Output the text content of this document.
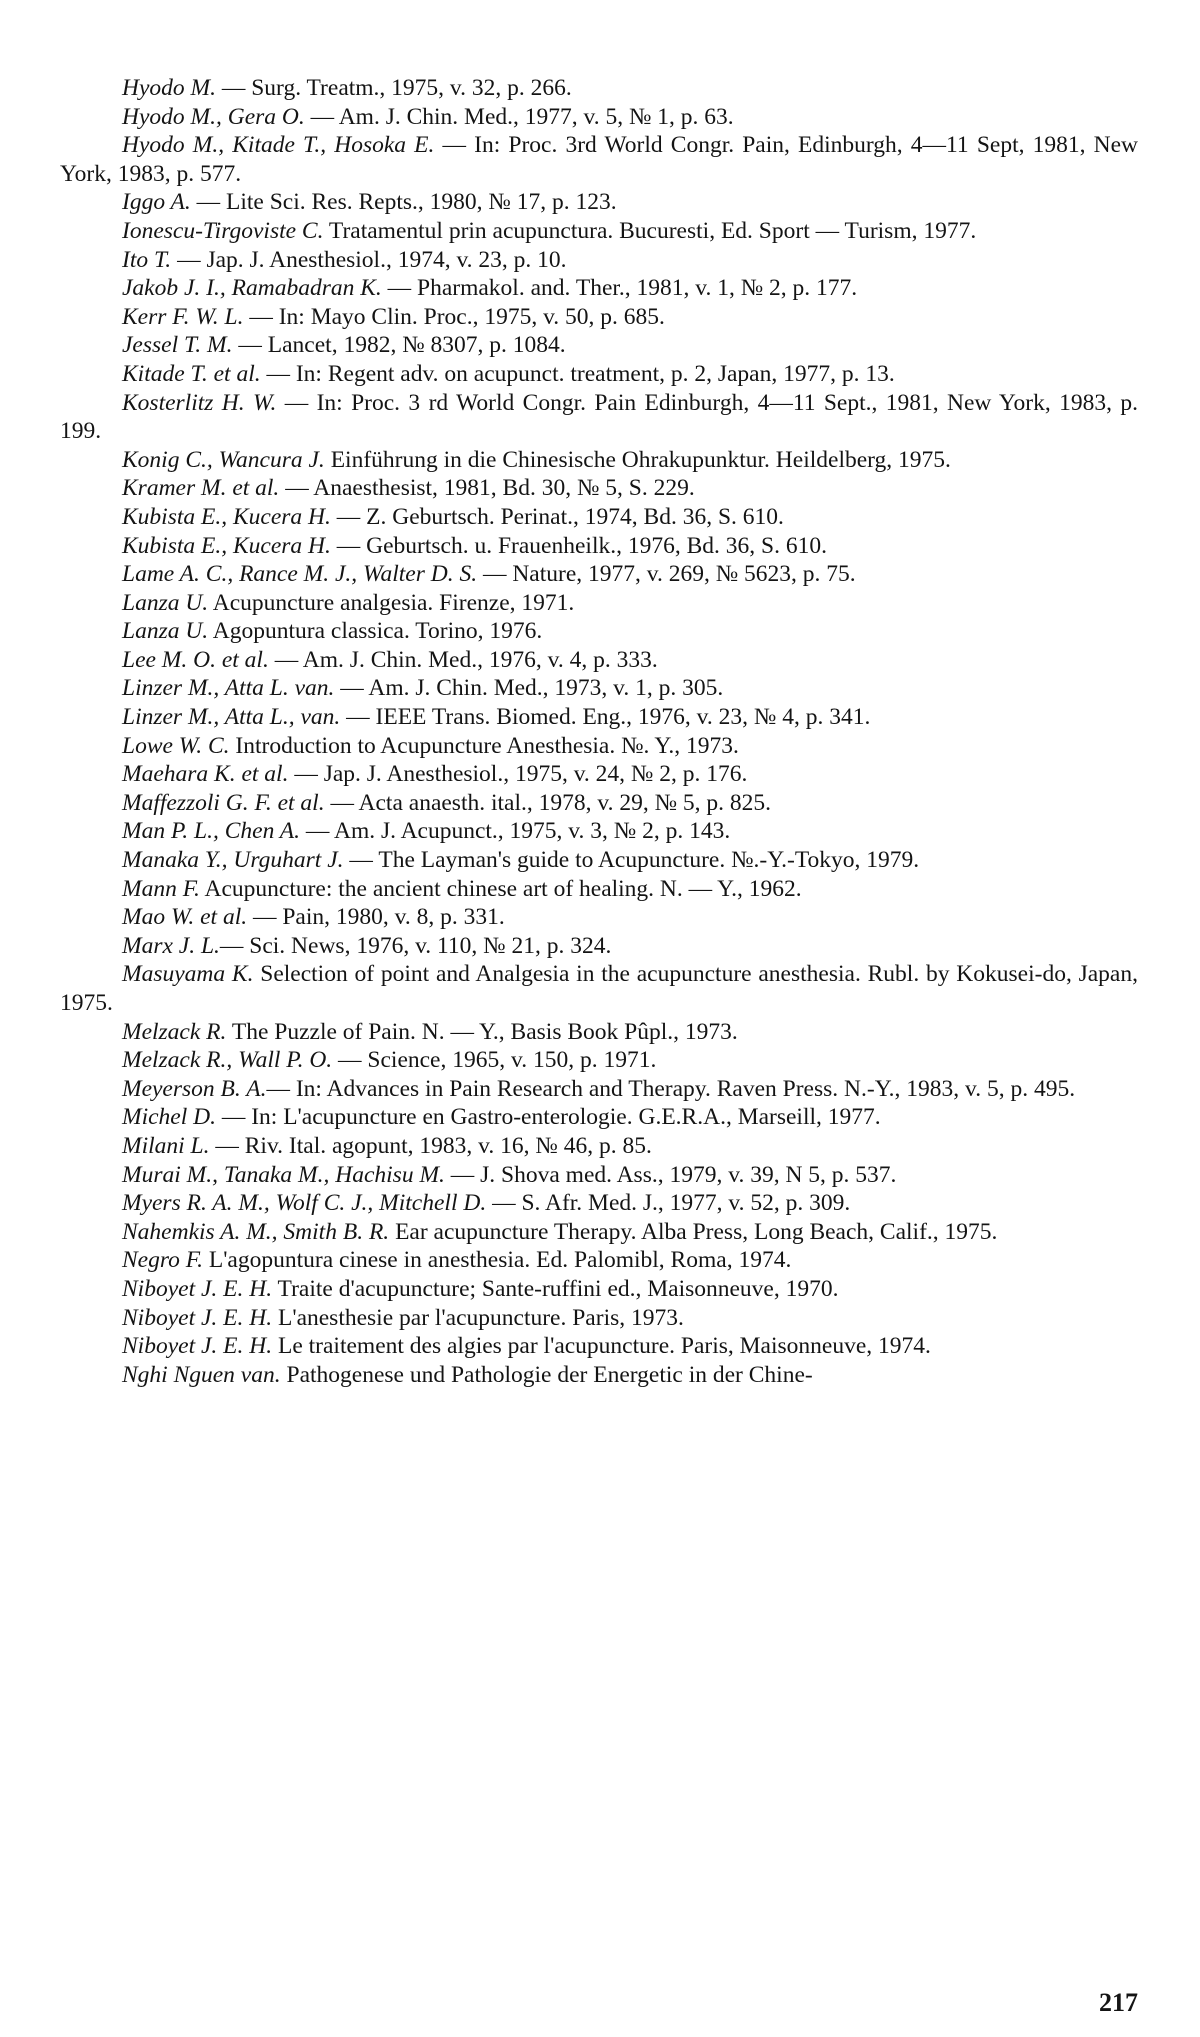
Hyodo M. — Surg. Treatm., 1975, v. 32, p. 266.

Hyodo M., Gera O. — Am. J. Chin. Med., 1977, v. 5, № 1, p. 63.

Hyodo M., Kitade T., Hosoka E. — In: Proc. 3rd World Congr. Pain, Edinburgh, 4—11 Sept, 1981, New York, 1983, p. 577.

Iggo A. — Lite Sci. Res. Repts., 1980, № 17, p. 123.

Ionescu-Tirgoviste C. Tratamentul prin acupunctura. Bucuresti, Ed. Sport — Turism, 1977.

Ito T. — Jap. J. Anesthesiol., 1974, v. 23, p. 10.

Jakob J. I., Ramabadran K. — Pharmakol. and. Ther., 1981, v. 1, № 2, p. 177.

Kerr F. W. L. — In: Mayo Clin. Proc., 1975, v. 50, p. 685.

Jessel T. M. — Lancet, 1982, № 8307, p. 1084.

Kitade T. et al. — In: Regent adv. on acupunct. treatment, p. 2, Japan, 1977, p. 13.

Kosterlitz H. W. — In: Proc. 3 rd World Congr. Pain Edinburgh, 4—11 Sept., 1981, New York, 1983, p. 199.

Konig C., Wancura J. Einführung in die Chinesische Ohrakupunktur. Heildelberg, 1975.

Kramer M. et al. — Anaesthesist, 1981, Bd. 30, № 5, S. 229.

Kubista E., Kucera H. — Z. Geburtsch. Perinat., 1974, Bd. 36, S. 610.

Kubista E., Kucera H. — Geburtsch. u. Frauenheilk., 1976, Bd. 36, S. 610.

Lame A. C., Rance M. J., Walter D. S. — Nature, 1977, v. 269, № 5623, p. 75.

Lanza U. Acupuncture analgesia. Firenze, 1971.

Lanza U. Agopuntura classica. Torino, 1976.

Lee M. O. et al. — Am. J. Chin. Med., 1976, v. 4, p. 333.

Linzer M., Atta L. van. — Am. J. Chin. Med., 1973, v. 1, p. 305.

Linzer M., Atta L., van. — IEEE Trans. Biomed. Eng., 1976, v. 23, № 4, p. 341.

Lowe W. C. Introduction to Acupuncture Anesthesia. №. Y., 1973.

Maehara K. et al. — Jap. J. Anesthesiol., 1975, v. 24, № 2, p. 176.

Maffezzoli G. F. et al. — Acta anaesth. ital., 1978, v. 29, № 5, p. 825.

Man P. L., Chen A. — Am. J. Acupunct., 1975, v. 3, № 2, p. 143.

Manaka Y., Urguhart J. — The Layman's guide to Acupuncture. №.-Y.-Tokyo, 1979.

Mann F. Acupuncture: the ancient chinese art of healing. N. — Y., 1962.

Mao W. et al. — Pain, 1980, v. 8, p. 331.

Marx J. L.— Sci. News, 1976, v. 110, № 21, p. 324.

Masuyama K. Selection of point and Analgesia in the acupuncture anesthesia. Rubl. by Kokusei-do, Japan, 1975.

Melzack R. The Puzzle of Pain. N. — Y., Basis Book Pûpl., 1973.

Melzack R., Wall P. O. — Science, 1965, v. 150, p. 1971.

Meyerson B. A.— In: Advances in Pain Research and Therapy. Raven Press. N.-Y., 1983, v. 5, p. 495.

Michel D. — In: L'acupuncture en Gastro-enterologie. G.E.R.A., Marseill, 1977.

Milani L. — Riv. Ital. agopunt, 1983, v. 16, № 46, p. 85.

Murai M., Tanaka M., Hachisu M. — J. Shova med. Ass., 1979, v. 39, N 5, p. 537.

Myers R. A. M., Wolf C. J., Mitchell D. — S. Afr. Med. J., 1977, v. 52, p. 309.

Nahemkis A. M., Smith B. R. Ear acupuncture Therapy. Alba Press, Long Beach, Calif., 1975.

Negro F. L'agopuntura cinese in anesthesia. Ed. Palomibl, Roma, 1974.

Niboyet J. E. H. Traite d'acupuncture; Sante-ruffini ed., Maisonneuve, 1970.

Niboyet J. E. H. L'anesthesie par l'acupuncture. Paris, 1973.

Niboyet J. E. H. Le traitement des algies par l'acupuncture. Paris, Maisonneuve, 1974.

Nghi Nguen van. Pathogenese und Pathologie der Energetic in der Chine-

217
